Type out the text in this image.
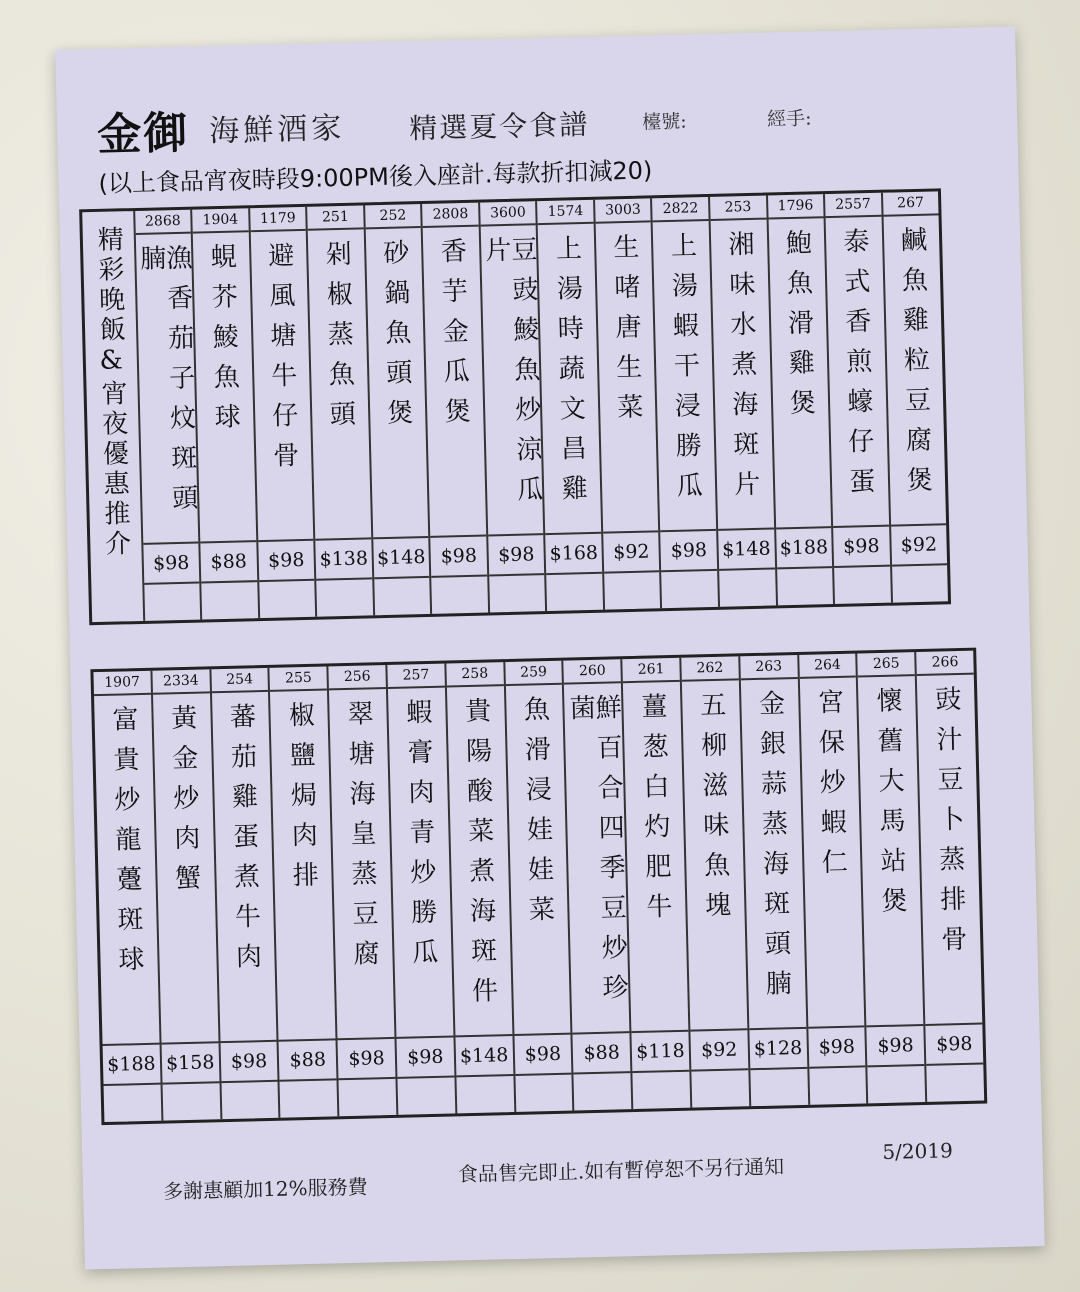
金御 海鮮酒家 精選夏令食譜	檯號:	經手:
(以上食品宵夜時段9:00PM後入座計.每款折扣減20)
精彩晚飯&宵夜優惠推介
2868
漁香茄子炆斑頭腩
$98
1904
蜆芥鯪魚球
$88
1179
避風塘牛仔骨
$98
251
剁椒蒸魚頭
$138
252
砂鍋魚頭煲
$148
2808
香芋金瓜煲
$98
3600
豆豉鯪魚炒涼瓜片
$98
1574
上湯時蔬文昌雞
$168
3003
生啫唐生菜
$92
2822
上湯蝦干浸勝瓜
$98
253
湘味水煮海斑片
$148
1796
鮑魚滑雞煲
$188
2557
泰式香煎蠔仔蛋
$98
267
鹹魚雞粒豆腐煲
$92
1907
富貴炒龍躉斑球
$188
2334
黃金炒肉蟹
$158
254
蕃茄雞蛋煮牛肉
$98
255
椒鹽焗肉排
$88
256
翠塘海皇蒸豆腐
$98
257
蝦膏肉青炒勝瓜
$98
258
貴陽酸菜煮海斑件
$148
259
魚滑浸娃娃菜
$98
260
鮮百合四季豆炒珍菌
$88
261
薑葱白灼肥牛
$118
262
五柳滋味魚塊
$92
263
金銀蒜蒸海斑頭腩
$128
264
宮保炒蝦仁
$98
265
懷舊大馬站煲
$98
266
豉汁豆卜蒸排骨
$98
多謝惠顧加12%服務費
食品售完即止.如有暫停恕不另行通知
5/2019
